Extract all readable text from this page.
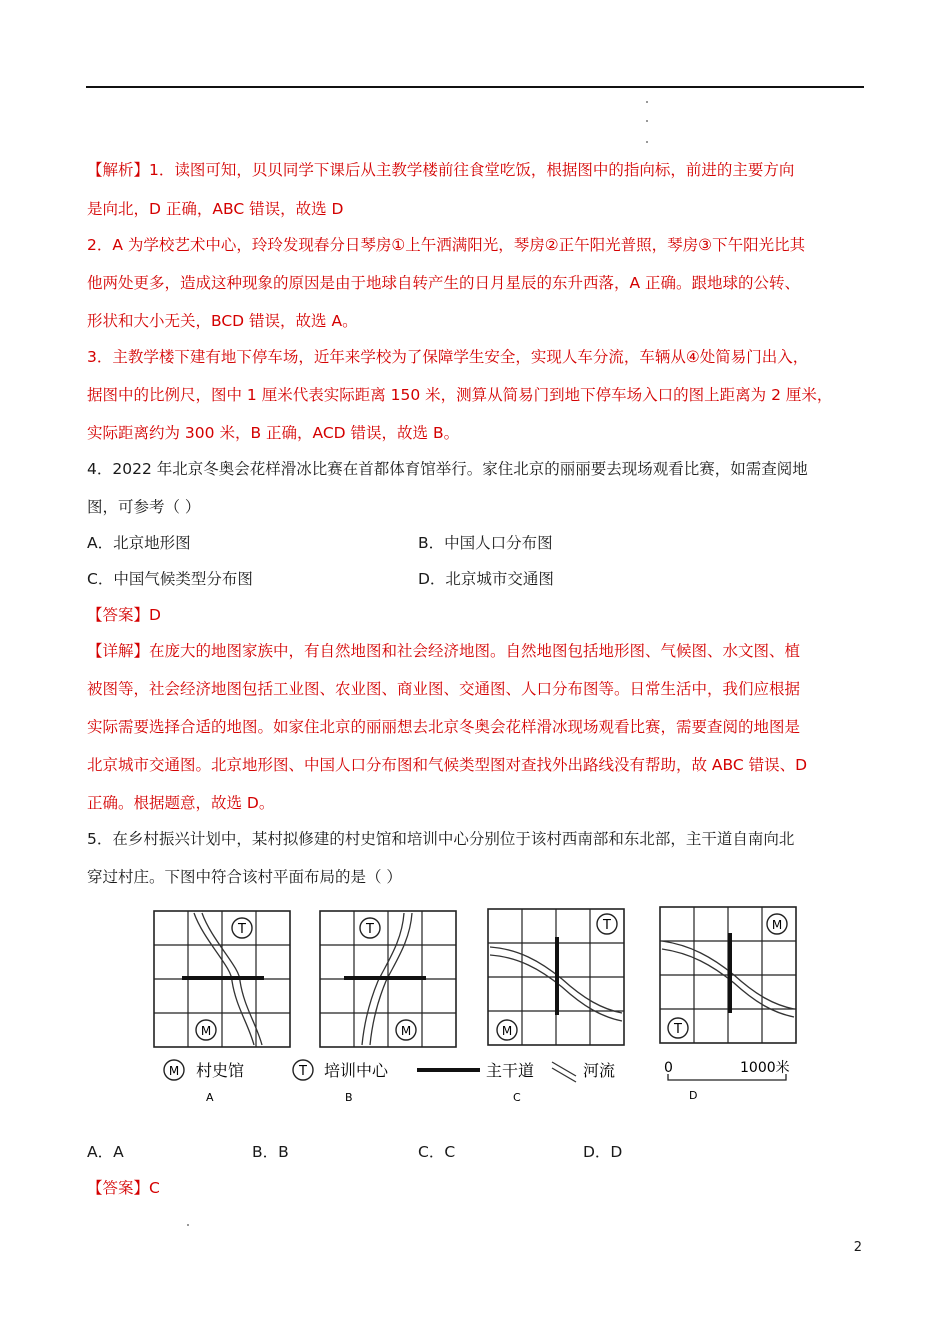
【解析】1．读图可知，贝贝同学下课后从主教学楼前往食堂吃饭，根据图中的指向标，前进的主要方向
是向北，D 正确，ABC 错误，故选 D
2．A 为学校艺术中心，玲玲发现春分日琴房①上午洒满阳光，琴房②正午阳光普照，琴房③下午阳光比其
他两处更多，造成这种现象的原因是由于地球自转产生的日月星辰的东升西落，A 正确。跟地球的公转、
形状和大小无关，BCD 错误，故选 A。
3．主教学楼下建有地下停车场，近年来学校为了保障学生安全，实现人车分流，车辆从④处简易门出入，
据图中的比例尺，图中 1 厘米代表实际距离 150 米，测算从简易门到地下停车场入口的图上距离为 2 厘米，
实际距离约为 300 米，B 正确，ACD 错误，故选 B。
4．2022 年北京冬奥会花样滑冰比赛在首都体育馆举行。家住北京的丽丽要去现场观看比赛，如需查阅地
图，可参考（ ）
A．北京地形图	B．中国人口分布图
C．中国气候类型分布图	D．北京城市交通图
【答案】D
【详解】在庞大的地图家族中，有自然地图和社会经济地图。自然地图包括地形图、气候图、水文图、植
被图等，社会经济地图包括工业图、农业图、商业图、交通图、人口分布图等。日常生活中，我们应根据
实际需要选择合适的地图。如家住北京的丽丽想去北京冬奥会花样滑冰现场观看比赛，需要查阅的地图是
北京城市交通图。北京地形图、中国人口分布图和气候类型图对查找外出路线没有帮助，故 ABC 错误、D
正确。根据题意，故选 D。
5．在乡村振兴计划中，某村拟修建的村史馆和培训中心分别位于该村西南部和东北部，主干道自南向北
穿过村庄。下图中符合该村平面布局的是（ ）
T
M
T
M
T
M
M
T
M 村史馆	T 培训中心	主干道	河流	0	1000米
A	B	C	D
A．A	B．B	C．C	D．D
【答案】C
2
